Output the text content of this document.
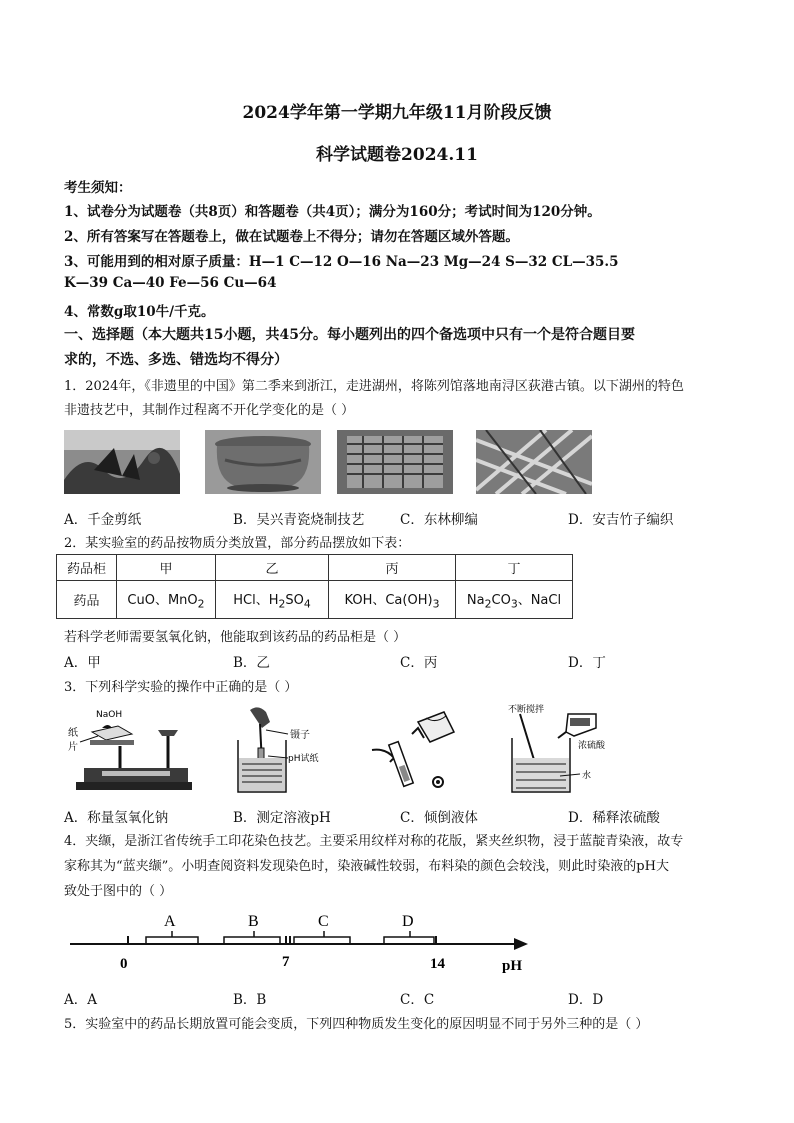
2024学年第一学期九年级11月阶段反馈
科学试题卷2024.11
考生须知：
1、试卷分为试题卷（共8页）和答题卷（共4页）；满分为160分；考试时间为120分钟。
2、所有答案写在答题卷上，做在试题卷上不得分；请勿在答题区域外答题。
3、可能用到的相对原子质量：H—1 C—12 O—16 Na—23 Mg—24 S—32 CL—35.5
K—39 Ca—40 Fe—56 Cu—64
4、常数g取10牛/千克。
一、选择题（本大题共15小题，共45分。每小题列出的四个备选项中只有一个是符合题目要
求的，不选、多选、错选均不得分）
1．2024年，《非遗里的中国》第二季来到浙江，走进湖州，将陈列馆落地南浔区荻港古镇。以下湖州的特色
非遗技艺中，其制作过程离不开化学变化的是（ ）
A．千金剪纸	B．吴兴青瓷烧制技艺	C．东林柳编	D．安吉竹子编织
2．某实验室的药品按物质分类放置，部分药品摆放如下表：
药品柜	甲	乙	丙	丁
药品	CuO、MnO$_2$	HCl、$H_2SO_4$	KOH、$Ca(OH)_3$	$Na_2CO_3$、NaCl
若科学老师需要氢氧化钠，他能取到该药品的药品柜是（ ）
A．甲	B．乙	C．丙	D．丁
3．下列科学实验的操作中正确的是（ ）
NaOH
纸
片
镊子
pH试纸
不断搅拌
浓硫酸
水
A．称量氢氧化钠	B．测定溶液pH	C．倾倒液体	D．稀释浓硫酸
4．夹缬，是浙江省传统手工印花染色技艺。主要采用纹样对称的花版，紧夹丝织物，浸于蓝靛青染液，故专
家称其为“蓝夹缬”。小明查阅资料发现染色时，染液碱性较弱，布料染的颜色会较浅，则此时染液的pH大
致处于图中的（ ）
A	B	C	D
0	7	14	pH
A．A	B．B	C．C	D．D
5．实验室中的药品长期放置可能会变质，下列四种物质发生变化的原因明显不同于另外三种的是（ ）
